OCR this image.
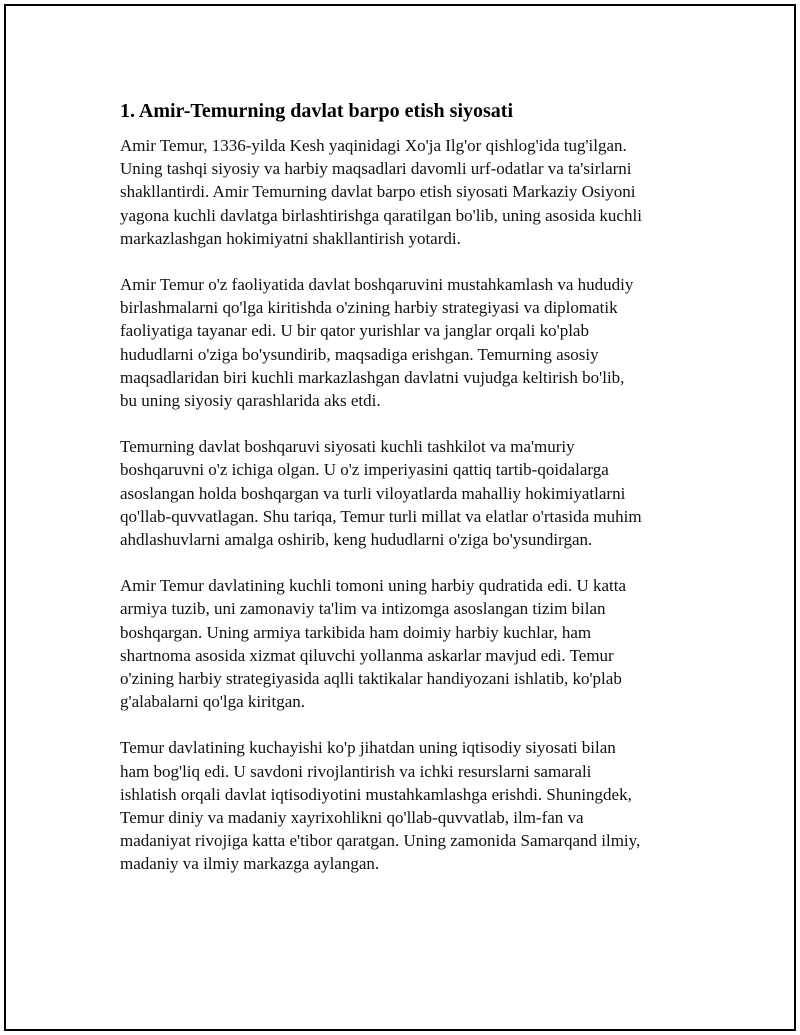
1. Amir-Temurning davlat barpo etish siyosati

Amir Temur, 1336-yilda Kesh yaqinidagi Xo'ja Ilg'or qishlog'ida tug'ilgan.
Uning tashqi siyosiy va harbiy maqsadlari davomli urf-odatlar va ta'sirlarni
shakllantirdi. Amir Temurning davlat barpo etish siyosati Markaziy Osiyoni
yagona kuchli davlatga birlashtirishga qaratilgan bo'lib, uning asosida kuchli
markazlashgan hokimiyatni shakllantirish yotardi.

Amir Temur o'z faoliyatida davlat boshqaruvini mustahkamlash va hududiy
birlashmalarni qo'lga kiritishda o'zining harbiy strategiyasi va diplomatik
faoliyatiga tayanar edi. U bir qator yurishlar va janglar orqali ko'plab
hududlarni o'ziga bo'ysundirib, maqsadiga erishgan. Temurning asosiy
maqsadlaridan biri kuchli markazlashgan davlatni vujudga keltirish bo'lib,
bu uning siyosiy qarashlarida aks etdi.

Temurning davlat boshqaruvi siyosati kuchli tashkilot va ma'muriy
boshqaruvni o'z ichiga olgan. U o'z imperiyasini qattiq tartib-qoidalarga
asoslangan holda boshqargan va turli viloyatlarda mahalliy hokimiyatlarni
qo'llab-quvvatlagan. Shu tariqa, Temur turli millat va elatlar o'rtasida muhim
ahdlashuvlarni amalga oshirib, keng hududlarni o'ziga bo'ysundirgan.

Amir Temur davlatining kuchli tomoni uning harbiy qudratida edi. U katta
armiya tuzib, uni zamonaviy ta'lim va intizomga asoslangan tizim bilan
boshqargan. Uning armiya tarkibida ham doimiy harbiy kuchlar, ham
shartnoma asosida xizmat qiluvchi yollanma askarlar mavjud edi. Temur
o'zining harbiy strategiyasida aqlli taktikalar handiyozani ishlatib, ko'plab
g'alabalarni qo'lga kiritgan.

Temur davlatining kuchayishi ko'p jihatdan uning iqtisodiy siyosati bilan
ham bog'liq edi. U savdoni rivojlantirish va ichki resurslarni samarali
ishlatish orqali davlat iqtisodiyotini mustahkamlashga erishdi. Shuningdek,
Temur diniy va madaniy xayrixohlikni qo'llab-quvvatlab, ilm-fan va
madaniyat rivojiga katta e'tibor qaratgan. Uning zamonida Samarqand ilmiy,
madaniy va ilmiy markazga aylangan.
